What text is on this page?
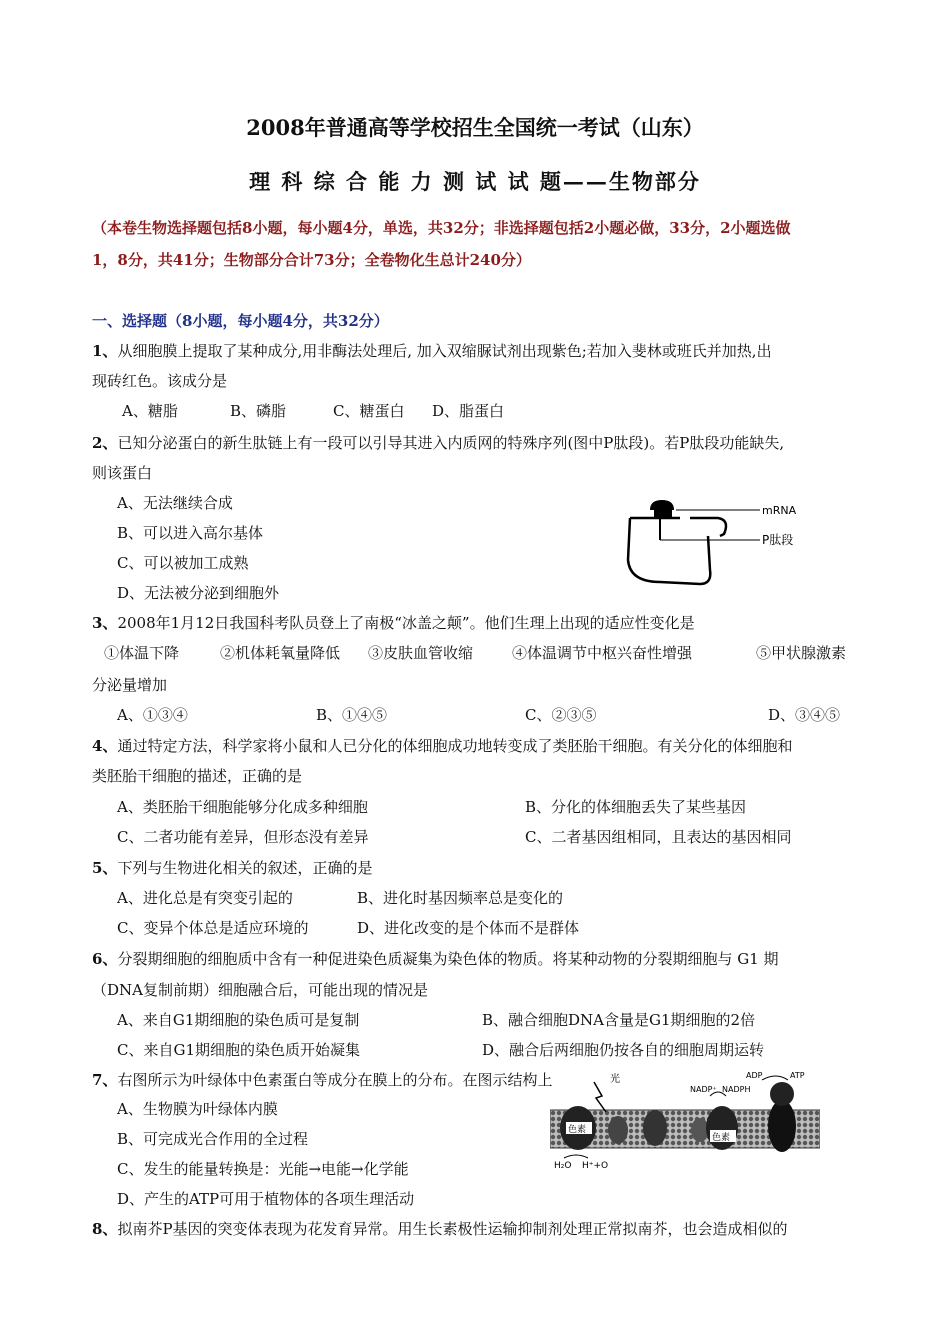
2008年普通高等学校招生全国统一考试（山东）
理 科 综 合 能 力 测 试 试 题——生物部分
（本卷生物选择题包括8小题，每小题4分，单选，共32分；非选择题包括2小题必做，33分，2小题选做
1，8分，共41分；生物部分合计73分；全卷物化生总计240分）
一、选择题（8小题，每小题4分，共32分）
1、从细胞膜上提取了某种成分,用非酶法处理后, 加入双缩脲试剂出现紫色;若加入斐林或班氏并加热,出
现砖红色。该成分是
A、糖脂	B、磷脂	C、糖蛋白 D、脂蛋白
2、已知分泌蛋白的新生肽链上有一段可以引导其进入内质网的特殊序列(图中P肽段)。若P肽段功能缺失,
则该蛋白
A、无法继续合成
B、可以进入高尔基体
C、可以被加工成熟
D、无法被分泌到细胞外
mRNA
P肽段
3、2008年1月12日我国科考队员登上了南极“冰盖之颠”。他们生理上出现的适应性变化是
①体温下降	②机体耗氧量降低 ③皮肤血管收缩	④体温调节中枢兴奋性增强	⑤甲状腺激素
分泌量增加
A、①③④	B、①④⑤	C、②③⑤	D、③④⑤
4、通过特定方法，科学家将小鼠和人已分化的体细胞成功地转变成了类胚胎干细胞。有关分化的体细胞和
类胚胎干细胞的描述，正确的是
A、类胚胎干细胞能够分化成多种细胞	B、分化的体细胞丢失了某些基因
C、二者功能有差异，但形态没有差异	C、二者基因组相同，且表达的基因相同
5、下列与生物进化相关的叙述，正确的是
A、进化总是有突变引起的	B、进化时基因频率总是变化的
C、变异个体总是适应环境的	D、进化改变的是个体而不是群体
6、分裂期细胞的细胞质中含有一种促进染色质凝集为染色体的物质。将某种动物的分裂期细胞与 G1 期
（DNA复制前期）细胞融合后，可能出现的情况是
A、来自G1期细胞的染色质可是复制	B、融合细胞DNA含量是G1期细胞的2倍
C、来自G1期细胞的染色质开始凝集	D、融合后两细胞仍按各自的细胞周期运转
7、右图所示为叶绿体中色素蛋白等成分在膜上的分布。在图示结构上
A、生物膜为叶绿体内膜
B、可完成光合作用的全过程
C、发生的能量转换是：光能→电能→化学能
D、产生的ATP可用于植物体的各项生理活动
色素
色素
光
NADP⁺ NADPH
ADP	ATP
H₂O H⁺+O
8、拟南芥P基因的突变体表现为花发育异常。用生长素极性运输抑制剂处理正常拟南芥，也会造成相似的
